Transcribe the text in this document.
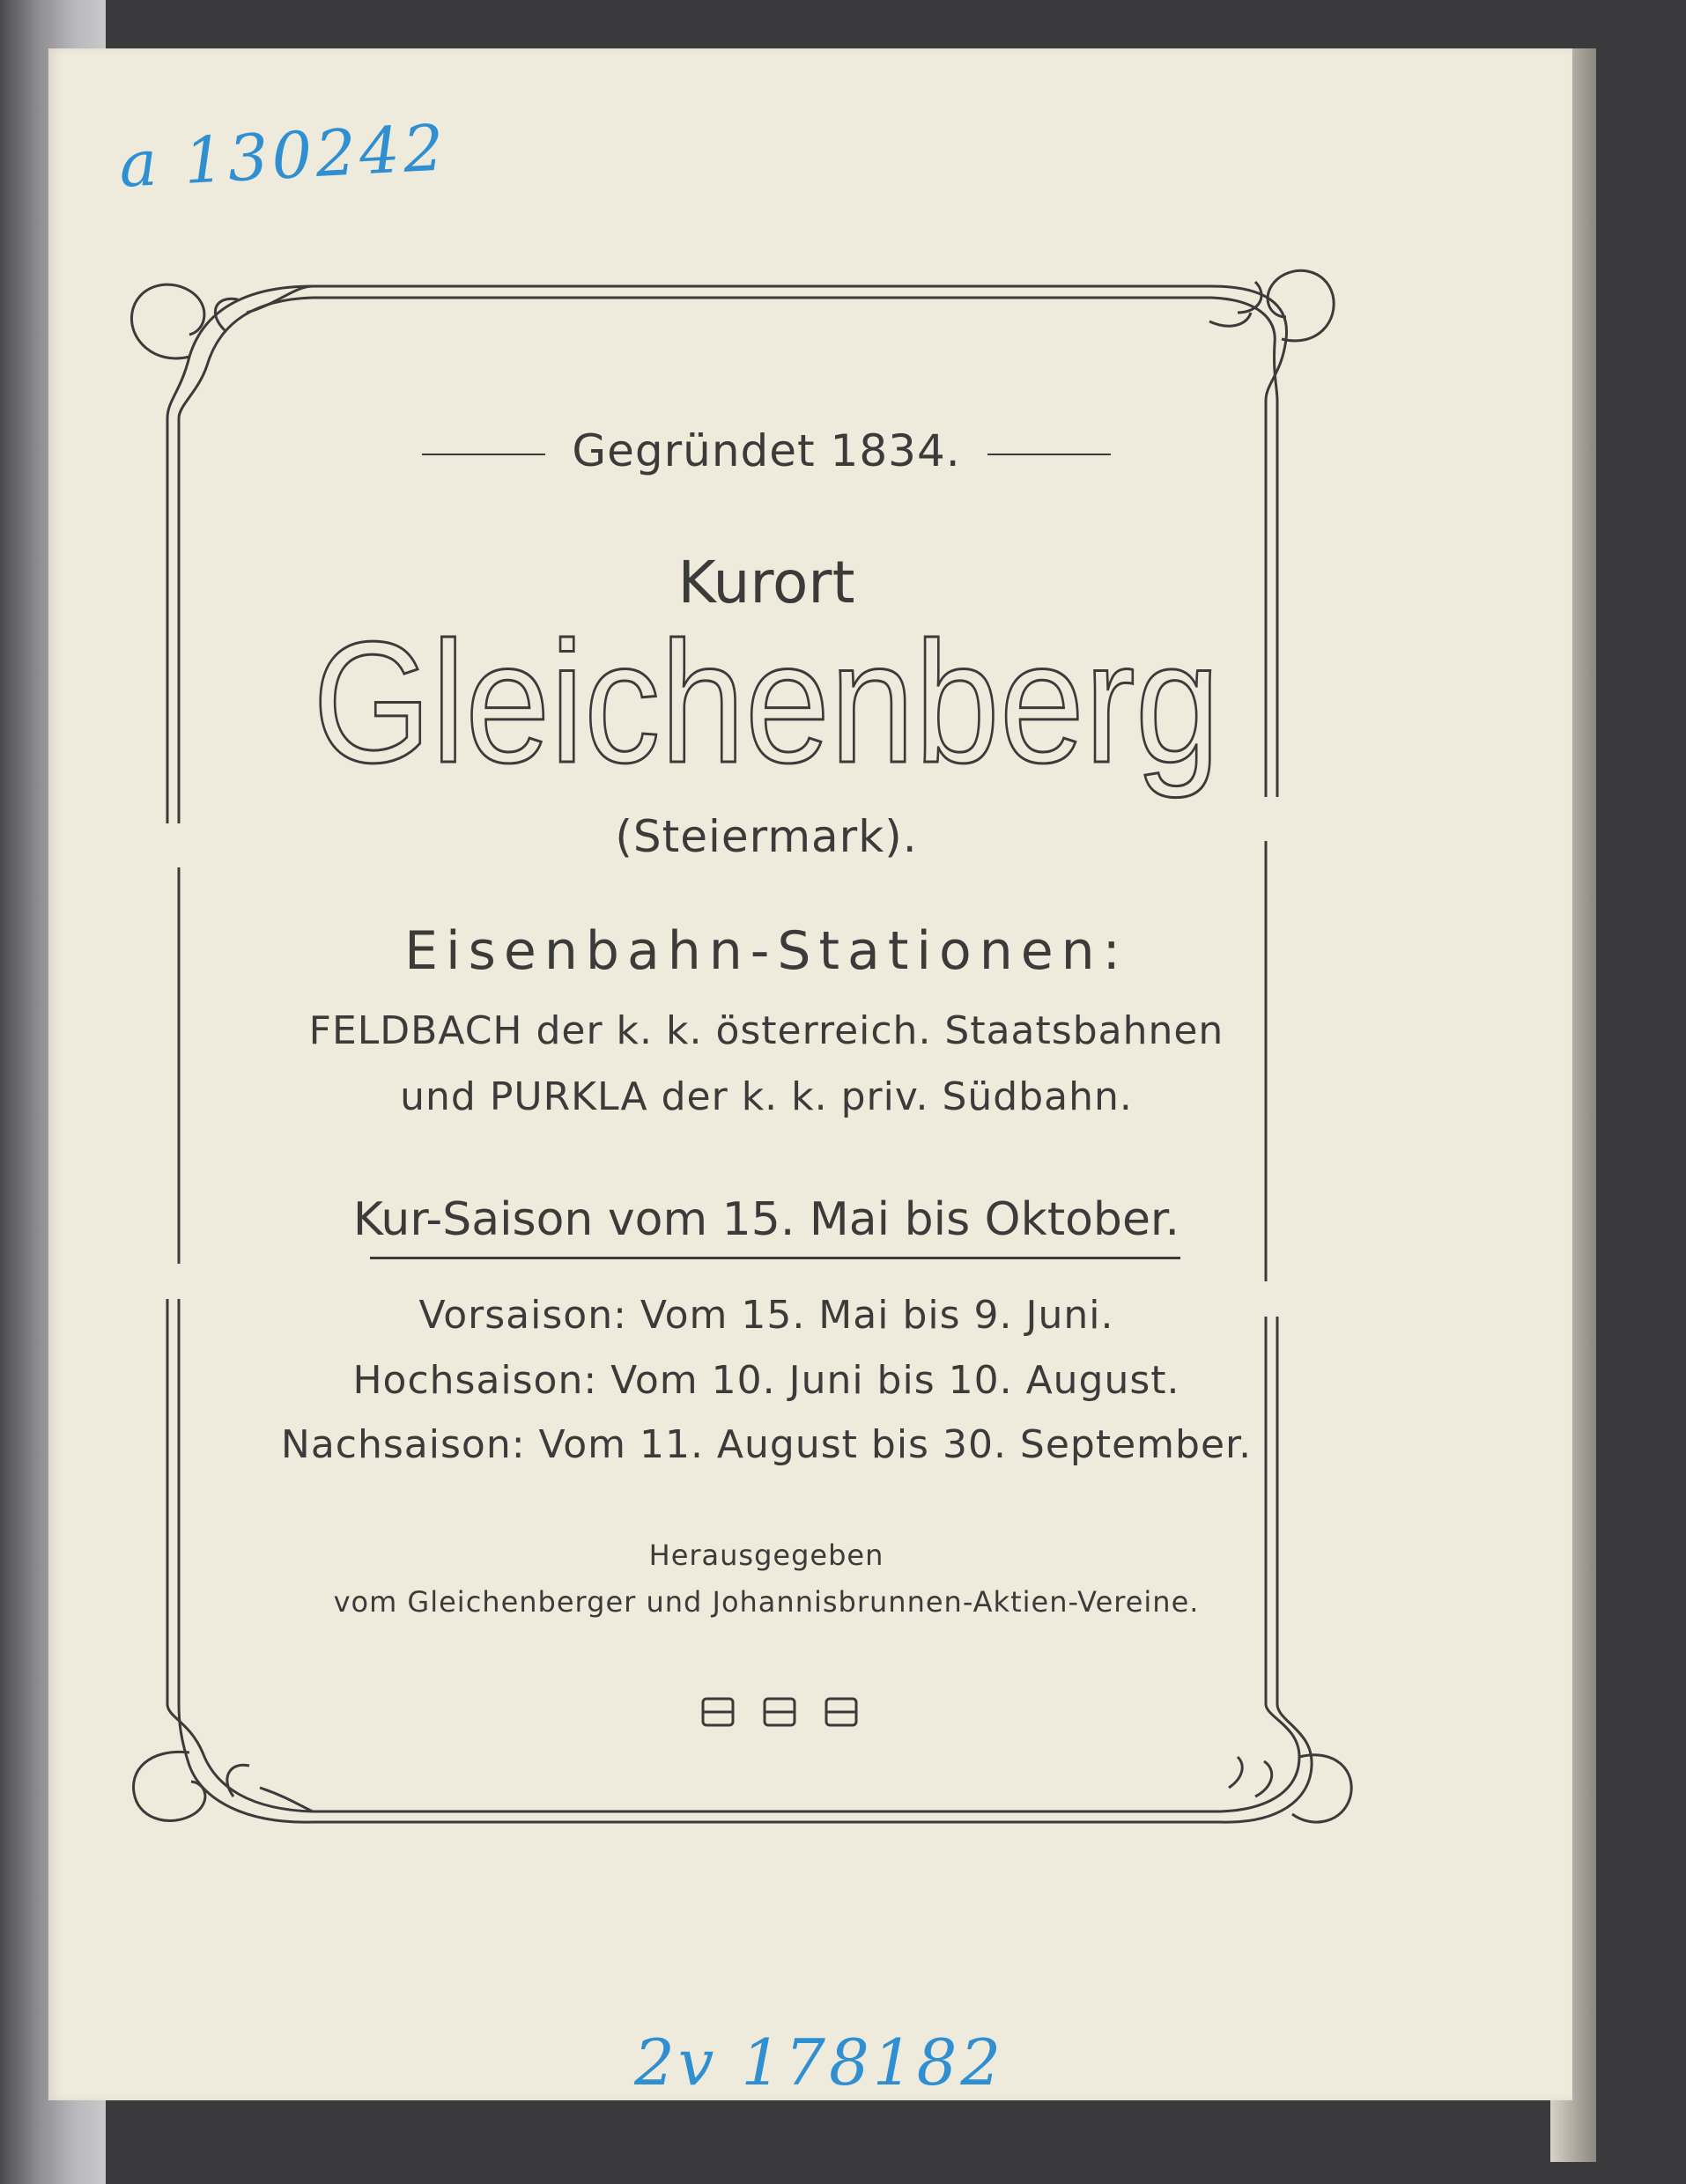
a 130242
Gegründet 1834.
Kurort
Gleichenberg
(Steiermark).
Eisenbahn-Stationen:
FELDBACH der k. k. österreich. Staatsbahnen
und PURKLA der k. k. priv. Südbahn.
Kur-Saison vom 15. Mai bis Oktober.
Vorsaison: Vom 15. Mai bis 9. Juni.
Hochsaison: Vom 10. Juni bis 10. August.
Nachsaison: Vom 11. August bis 30. September.
Herausgegeben
vom Gleichenberger und Johannisbrunnen-Aktien-Vereine.
2v 178182
